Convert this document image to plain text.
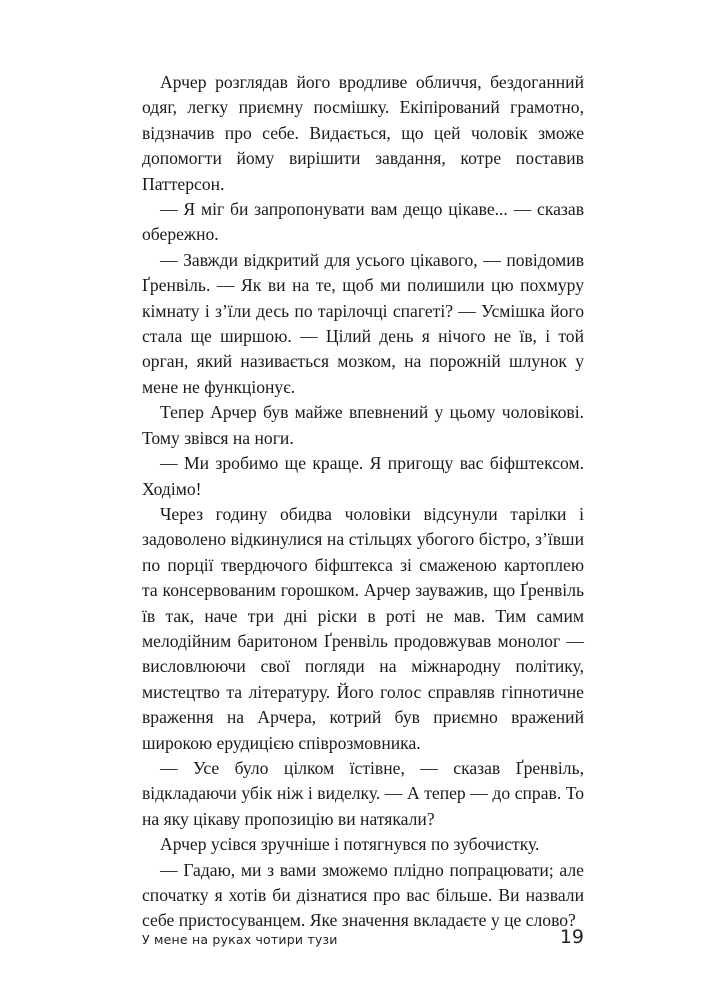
Арчер розглядав його вродливе обличчя, бездоганний одяг, легку приємну посмішку. Екіпірований грамотно, відзначив про себе. Видається, що цей чоловік зможе допомогти йому вирішити завдання, котре поставив Паттерсон.

— Я міг би запропонувати вам дещо цікаве... — сказав обережно.

— Завжди відкритий для усього цікавого, — повідомив Ґренвіль. — Як ви на те, щоб ми полишили цю похмуру кімнату і з’їли десь по тарілочці спагеті? — Усмішка його стала ще ширшою. — Цілий день я нічого не їв, і той орган, який називається мозком, на порожній шлунок у мене не функціонує.

Тепер Арчер був майже впевнений у цьому чоловікові. Тому звівся на ноги.

— Ми зробимо ще краще. Я пригощу вас біфштексом. Ходімо!

Через годину обидва чоловіки відсунули тарілки і задоволено відкинулися на стільцях убогого бістро, з’ївши по порції твердючого біфштекса зі смаженою картоплею та консервованим горошком. Арчер зауважив, що Ґренвіль їв так, наче три дні ріски в роті не мав. Тим самим мелодійним баритоном Ґренвіль продовжував монолог — висловлюючи свої погляди на міжнародну політику, мистецтво та літературу. Його голос справляв гіпнотичне враження на Арчера, котрий був приємно вражений широкою ерудицією співрозмовника.

— Усе було цілком їстівне, — сказав Ґренвіль, відкладаючи убік ніж і виделку. — А тепер — до справ. То на яку цікаву пропозицію ви натякали?

Арчер усівся зручніше і потягнувся по зубочистку.

— Гадаю, ми з вами зможемо плідно попрацювати; але спочатку я хотів би дізнатися про вас більше. Ви назвали себе пристосуванцем. Яке значення вкладаєте у це слово?

У мене на руках чотири тузи	19
